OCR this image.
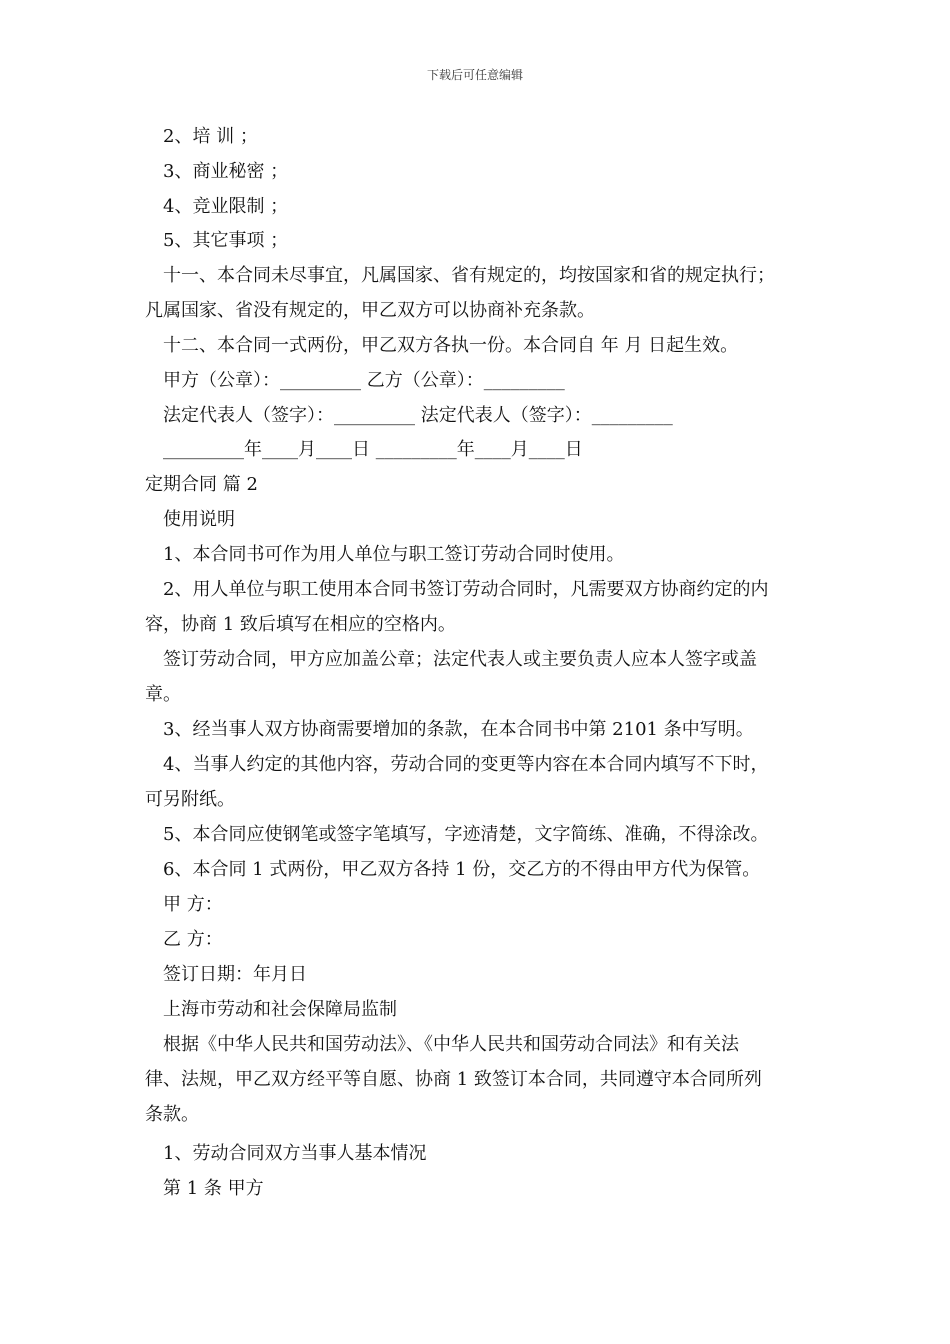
下载后可任意编辑
2、培 训 ；
3、商业秘密 ；
4、竞业限制 ；
5、其它事项 ；
十一、本合同未尽事宜，凡属国家、省有规定的，均按国家和省的规定执行；
凡属国家、省没有规定的，甲乙双方可以协商补充条款。
十二、本合同一式两份，甲乙双方各执一份。本合同自 年 月 日起生效。
甲方（公章）：_________ 乙方（公章）：_________
法定代表人（签字）：_________ 法定代表人（签字）：_________
_________年____月____日 _________年____月____日
定期合同 篇 2
使用说明
1、本合同书可作为用人单位与职工签订劳动合同时使用。
2、用人单位与职工使用本合同书签订劳动合同时，凡需要双方协商约定的内
容，协商 1 致后填写在相应的空格内。
签订劳动合同，甲方应加盖公章；法定代表人或主要负责人应本人签字或盖
章。
3、经当事人双方协商需要增加的条款，在本合同书中第 2101 条中写明。
4、当事人约定的其他内容，劳动合同的变更等内容在本合同内填写不下时，
可另附纸。
5、本合同应使钢笔或签字笔填写，字迹清楚，文字简练、准确，不得涂改。
6、本合同 1 式两份，甲乙双方各持 1 份，交乙方的不得由甲方代为保管。
甲 方：
乙 方：
签订日期：年月日
上海市劳动和社会保障局监制
根据《中华人民共和国劳动法》、《中华人民共和国劳动合同法》和有关法
律、法规，甲乙双方经平等自愿、协商 1 致签订本合同，共同遵守本合同所列
条款。
1、劳动合同双方当事人基本情况
第 1 条 甲方
